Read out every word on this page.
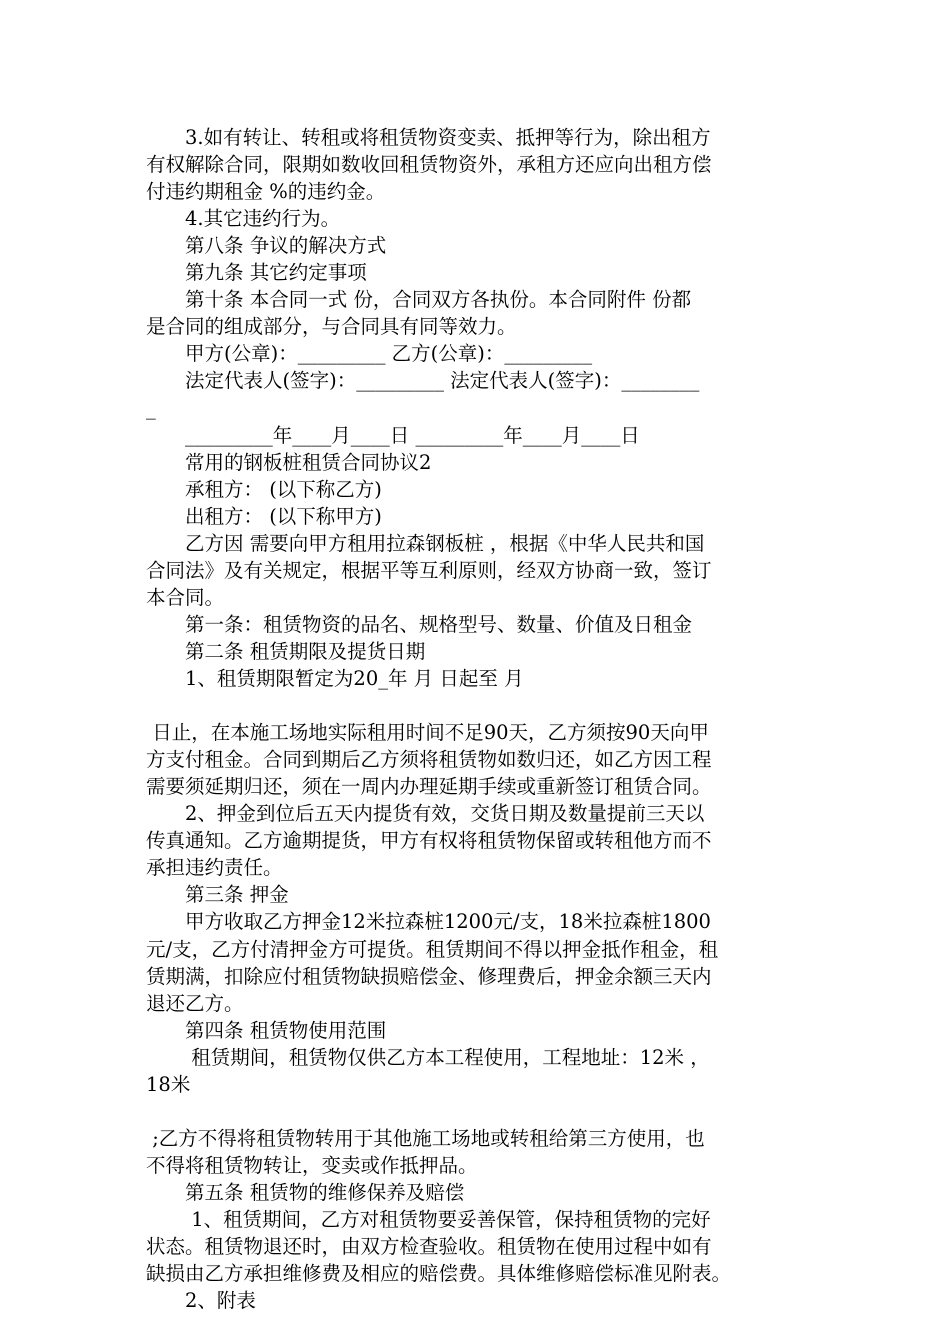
　　3.如有转让、转租或将租赁物资变卖、抵押等行为，除出租方

有权解除合同，限期如数收回租赁物资外，承租方还应向出租方偿

付违约期租金 %的违约金。

　　4.其它违约行为。

　　第八条 争议的解决方式

　　第九条 其它约定事项

　　第十条 本合同一式 份，合同双方各执份。本合同附件 份都

是合同的组成部分，与合同具有同等效力。

　　甲方(公章)：_________ 乙方(公章)：_________

　　法定代表人(签字)：_________ 法定代表人(签字)：________

_

　　_________年____月____日 _________年____月____日

　　常用的钢板桩租赁合同协议2

　　承租方： (以下称乙方)

　　出租方： (以下称甲方)

　　乙方因 需要向甲方租用拉森钢板桩 ，根据《中华人民共和国

合同法》及有关规定，根据平等互利原则，经双方协商一致，签订

本合同。

　　第一条：租赁物资的品名、规格型号、数量、价值及日租金

　　第二条 租赁期限及提货日期

　　1、租赁期限暂定为20_年 月 日起至 月

日止，在本施工场地实际租用时间不足90天，乙方须按90天向甲

方支付租金。合同到期后乙方须将租赁物如数归还，如乙方因工程

需要须延期归还，须在一周内办理延期手续或重新签订租赁合同。

　　2、押金到位后五天内提货有效，交货日期及数量提前三天以

传真通知。乙方逾期提货，甲方有权将租赁物保留或转租他方而不

承担违约责任。

　　第三条 押金

　　甲方收取乙方押金12米拉森桩1200元/支，18米拉森桩1800

元/支，乙方付清押金方可提货。租赁期间不得以押金抵作租金，租

赁期满，扣除应付租赁物缺损赔偿金、修理费后，押金余额三天内

退还乙方。

　　第四条 租赁物使用范围

　　 租赁期间，租赁物仅供乙方本工程使用，工程地址：12米 ，

18米

;乙方不得将租赁物转用于其他施工场地或转租给第三方使用，也

不得将租赁物转让，变卖或作抵押品。

　　第五条 租赁物的维修保养及赔偿

　　 1、租赁期间，乙方对租赁物要妥善保管，保持租赁物的完好

状态。租赁物退还时，由双方检查验收。租赁物在使用过程中如有

缺损由乙方承担维修费及相应的赔偿费。具体维修赔偿标准见附表。

　　2、附表
